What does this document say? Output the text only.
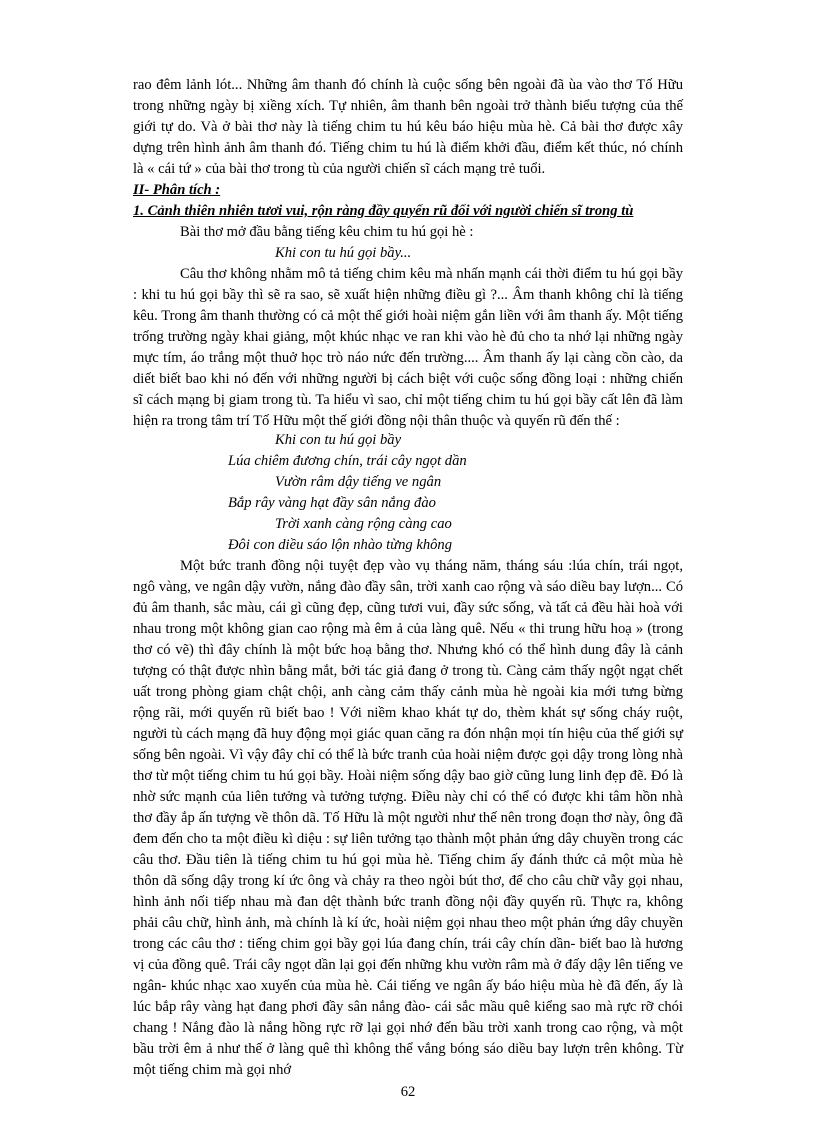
rao đêm lảnh lót... Những âm thanh đó chính là cuộc sống bên ngoài đã ùa vào thơ Tố Hữu trong những ngày bị xiềng xích. Tự nhiên, âm thanh bên ngoài trở thành biểu tượng của thế giới tự do. Và ở bài thơ này là tiếng chim tu hú kêu báo hiệu mùa hè. Cả bài thơ được xây dựng trên hình ảnh âm thanh đó. Tiếng chim tu hú là điểm khởi đầu, điểm kết thúc, nó chính là « cái tứ » của bài thơ trong tù của người chiến sĩ cách mạng trẻ tuổi.

II- Phân tích :

1. Cảnh thiên nhiên tươi vui, rộn ràng đầy quyến rũ đối với người chiến sĩ trong tù

Bài thơ mở đầu bằng tiếng kêu chim tu hú gọi hè :

Khi con tu hú gọi bầy...

Câu thơ không nhằm mô tả tiếng chim kêu mà nhấn mạnh cái thời điểm tu hú gọi bầy : khi tu hú gọi bầy thì sẽ ra sao, sẽ xuất hiện những điều gì ?... Âm thanh không chỉ là tiếng kêu. Trong âm thanh thường có cả một thế giới hoài niệm gắn liền với âm thanh ấy. Một tiếng trống trường ngày khai giảng, một khúc nhạc ve ran khi vào hè đủ cho ta nhớ lại những ngày mực tím, áo trắng một thuở học trò náo nức đến trường.... Âm thanh ấy lại càng cồn cào, da diết biết bao khi nó đến với những người bị cách biệt với cuộc sống đồng loại : những chiến sĩ cách mạng bị giam trong tù. Ta hiểu vì sao, chỉ một tiếng chim tu hú gọi bầy cất lên đã làm hiện ra trong tâm trí Tố Hữu một thế giới đồng nội thân thuộc và quyến rũ đến thế :

Khi con tu hú gọi bầy

Lúa chiêm đương chín, trái cây ngọt dần

Vườn râm dậy tiếng ve ngân

Bắp rây vàng hạt đầy sân nắng đào

Trời xanh càng rộng càng cao

Đôi con diều sáo lộn nhào từng không

Một bức tranh đồng nội tuyệt đẹp vào vụ tháng năm, tháng sáu :lúa chín, trái ngọt, ngô vàng, ve ngân dậy vườn, nắng đào đầy sân, trời xanh cao rộng và sáo diều bay lượn... Có đủ âm thanh, sắc màu, cái gì cũng đẹp, cũng tươi vui, đầy sức sống, và tất cả đều hài hoà với nhau trong một không gian cao rộng mà êm ả của làng quê. Nếu « thi trung hữu hoạ » (trong thơ có vẽ) thì đây chính là một bức hoạ bằng thơ. Nhưng khó có thể hình dung đây là cảnh tượng có thật được nhìn bằng mắt, bởi tác giả đang ở trong tù. Càng cảm thấy ngột ngạt chết uất trong phòng giam chật chội, anh càng cảm thấy cảnh mùa hè ngoài kia mới tưng bừng rộng rãi, mới quyến rũ biết bao ! Với niềm khao khát tự do, thèm khát sự sống cháy ruột, người tù cách mạng đã huy động mọi giác quan căng ra đón nhận mọi tín hiệu của thế giới sự sống bên ngoài. Vì vậy đây chỉ có thể là bức tranh của hoài niệm được gọi dậy trong lòng nhà thơ từ một tiếng chim tu hú gọi bầy. Hoài niệm sống dậy bao giờ cũng lung linh đẹp đẽ. Đó là nhờ sức mạnh của liên tưởng và tưởng tượng. Điều này chỉ có thể có được khi tâm hồn nhà thơ đầy ắp ấn tượng về thôn dã. Tố Hữu là một người như thế nên trong đoạn thơ này, ông đã đem đến cho ta một điều kì diệu : sự liên tưởng tạo thành một phản ứng dây chuyền trong các câu thơ. Đầu tiên là tiếng chim tu hú gọi mùa hè. Tiếng chim ấy đánh thức cả một mùa hè thôn dã sống dậy trong kí ức ông và chảy ra theo ngòi bút thơ, để cho câu chữ vẫy gọi nhau, hình ảnh nối tiếp nhau mà đan dệt thành bức tranh đồng nội đầy quyến rũ. Thực ra, không phải câu chữ, hình ảnh, mà chính là kí ức, hoài niệm gọi nhau theo một phản ứng dây chuyền trong các câu thơ : tiếng chim gọi bầy gọi lúa đang chín, trái cây chín dần- biết bao là hương vị của đồng quê. Trái cây ngọt dần lại gọi đến những khu vườn râm mà ở đấy dậy lên tiếng ve ngân- khúc nhạc xao xuyến của mùa hè. Cái tiếng ve ngân ấy báo hiệu mùa hè đã đến, ấy là lúc bắp rây vàng hạt đang phơi đầy sân nắng đào- cái sắc mầu quê kiểng sao mà rực rỡ chói chang ! Nắng đào là nắng hồng rực rỡ lại gọi nhớ đến bầu trời xanh trong cao rộng, và một bầu trời êm ả như thế ở làng quê thì không thể vắng bóng sáo diều bay lượn trên không. Từ một tiếng chim mà gọi nhớ

62
